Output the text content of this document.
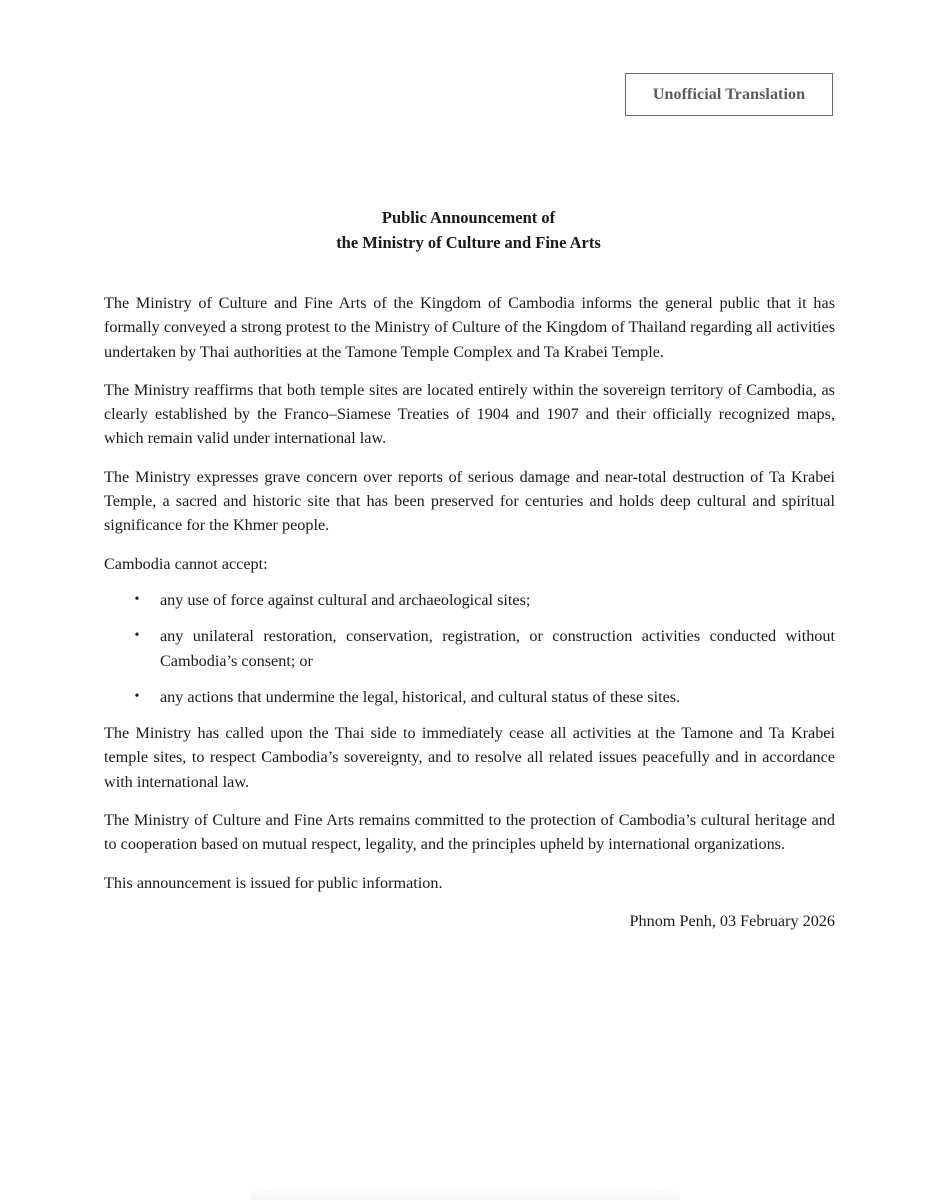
Unofficial Translation
Public Announcement of
the Ministry of Culture and Fine Arts

The Ministry of Culture and Fine Arts of the Kingdom of Cambodia informs the general public that it has formally conveyed a strong protest to the Ministry of Culture of the Kingdom of Thailand regarding all activities undertaken by Thai authorities at the Tamone Temple Complex and Ta Krabei Temple.

The Ministry reaffirms that both temple sites are located entirely within the sovereign territory of Cambodia, as clearly established by the Franco–Siamese Treaties of 1904 and 1907 and their officially recognized maps, which remain valid under international law.

The Ministry expresses grave concern over reports of serious damage and near-total destruction of Ta Krabei Temple, a sacred and historic site that has been preserved for centuries and holds deep cultural and spiritual significance for the Khmer people.

Cambodia cannot accept:

• any use of force against cultural and archaeological sites;
• any unilateral restoration, conservation, registration, or construction activities conducted without Cambodia’s consent; or
• any actions that undermine the legal, historical, and cultural status of these sites.

The Ministry has called upon the Thai side to immediately cease all activities at the Tamone and Ta Krabei temple sites, to respect Cambodia’s sovereignty, and to resolve all related issues peacefully and in accordance with international law.

The Ministry of Culture and Fine Arts remains committed to the protection of Cambodia’s cultural heritage and to cooperation based on mutual respect, legality, and the principles upheld by international organizations.

This announcement is issued for public information.

Phnom Penh, 03 February 2026
